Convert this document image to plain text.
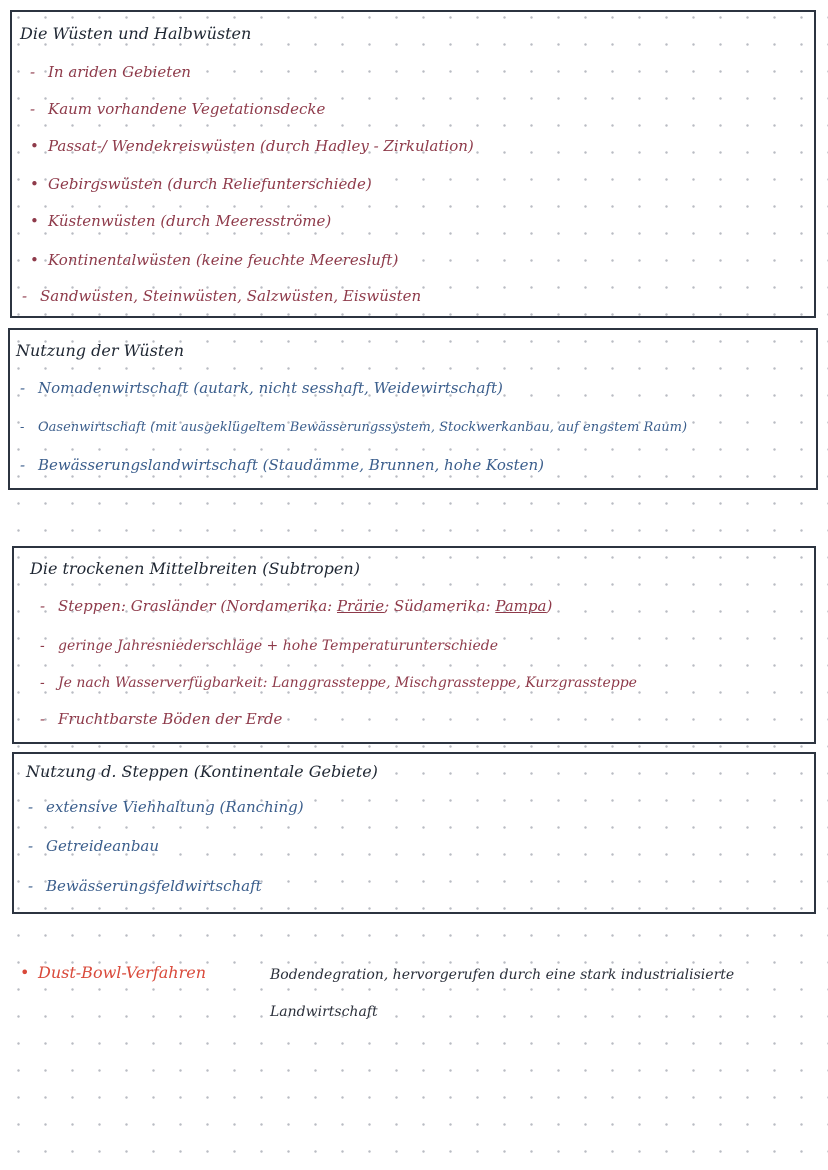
Die Wüsten und Halbwüsten
- In ariden Gebieten
- Kaum vorhandene Vegetationsdecke
• Passat-/ Wendekreiswüsten (durch Hadley - Zirkulation)
• Gebirgswüsten (durch Reliefunterschiede)
• Küstenwüsten (durch Meeresströme)
• Kontinentalwüsten (keine feuchte Meeresluft)
- Sandwüsten, Steinwüsten, Salzwüsten, Eiswüsten
Nutzung der Wüsten
- Nomadenwirtschaft (autark, nicht sesshaft, Weidewirtschaft)
- Oasenwirtschaft (mit ausgeklügeltem Bewässerungssystem, Stockwerkanbau, auf engstem Raum)
- Bewässerungslandwirtschaft (Staudämme, Brunnen, hohe Kosten)
Die trockenen Mittelbreiten (Subtropen)
- Steppen: Grasländer (Nordamerika: Prärie; Südamerika: Pampa)
- geringe Jahresniederschläge + hohe Temperaturunterschiede
- Je nach Wasserverfügbarkeit: Langgrassteppe, Mischgrassteppe, Kurzgrassteppe
- Fruchtbarste Böden der Erde
Nutzung d. Steppen (Kontinentale Gebiete)
- extensive Viehhaltung (Ranching)
- Getreideanbau
- Bewässerungsfeldwirtschaft
• Dust-Bowl-Verfahren	Bodendegration, hervorgerufen durch eine stark industrialisierte
Landwirtschaft
